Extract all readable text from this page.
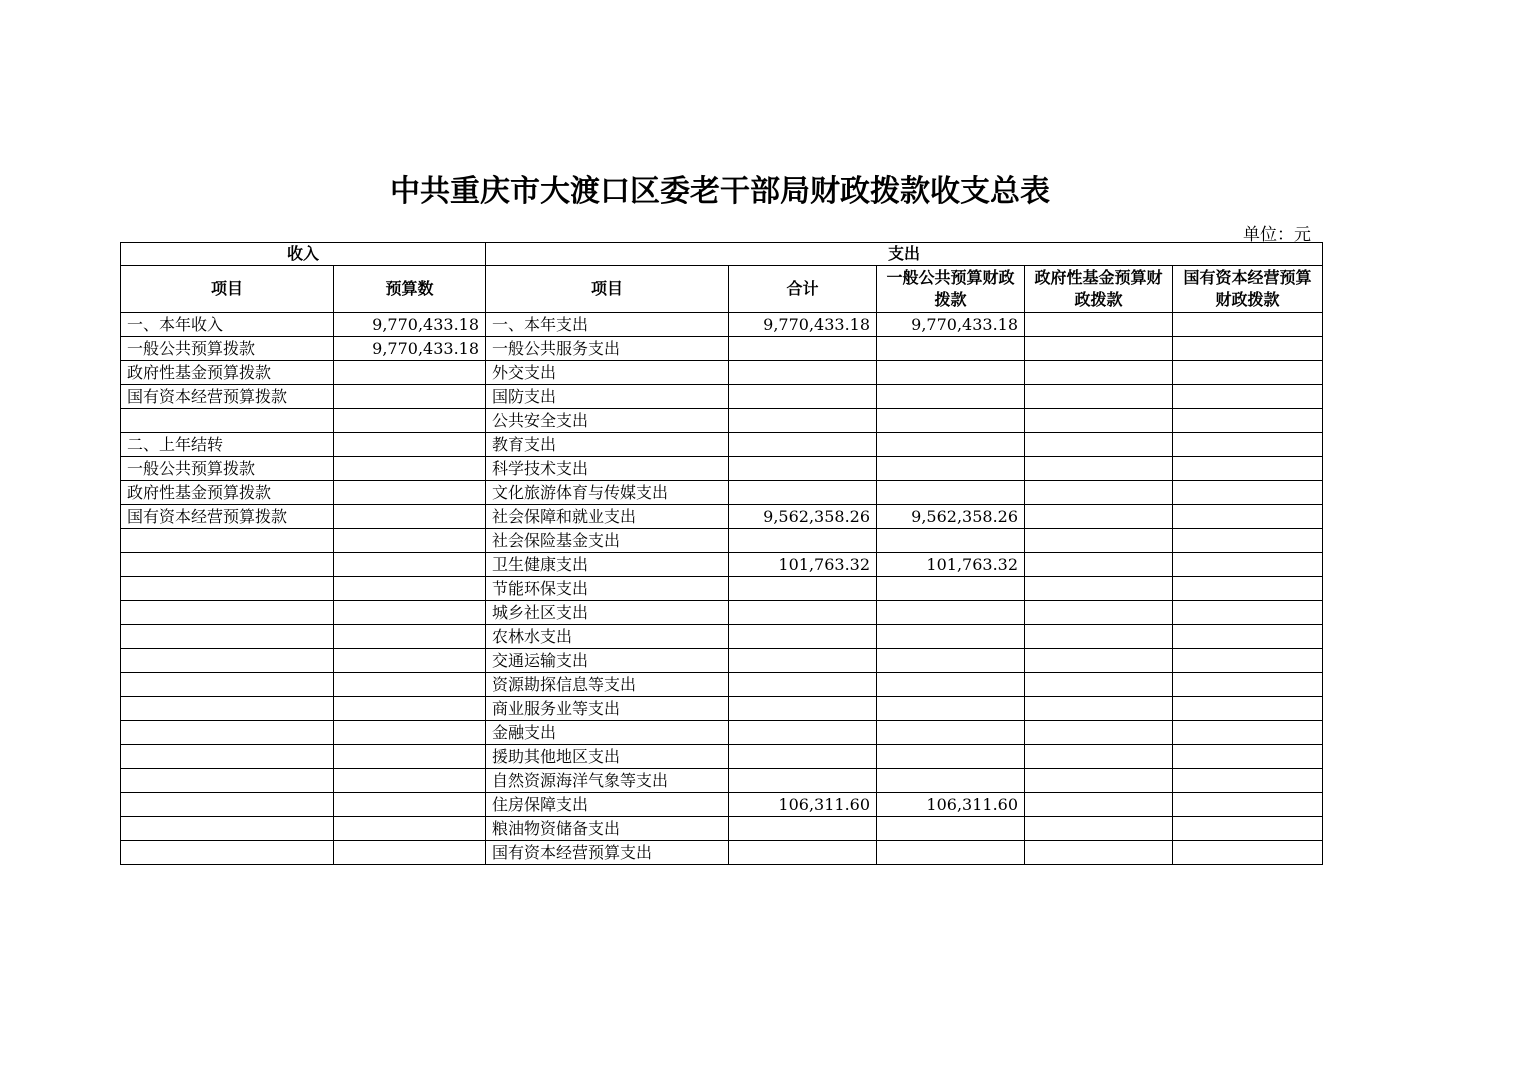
中共重庆市大渡口区委老干部局财政拨款收支总表
单位：元
收入		支出				
项目	预算数	项目	合计	一般公共预算财政拨款	政府性基金预算财政拨款	国有资本经营预算财政拨款
一、本年收入	9,770,433.18	一、本年支出	9,770,433.18	9,770,433.18		
一般公共预算拨款	9,770,433.18	一般公共服务支出				
政府性基金预算拨款		外交支出				
国有资本经营预算拨款		国防支出				
		公共安全支出				
二、上年结转		教育支出				
一般公共预算拨款		科学技术支出				
政府性基金预算拨款		文化旅游体育与传媒支出				
国有资本经营预算拨款		社会保障和就业支出	9,562,358.26	9,562,358.26		
		社会保险基金支出				
		卫生健康支出	101,763.32	101,763.32		
		节能环保支出				
		城乡社区支出				
		农林水支出				
		交通运输支出				
		资源勘探信息等支出				
		商业服务业等支出				
		金融支出				
		援助其他地区支出				
		自然资源海洋气象等支出				
		住房保障支出	106,311.60	106,311.60		
		粮油物资储备支出				
		国有资本经营预算支出				
